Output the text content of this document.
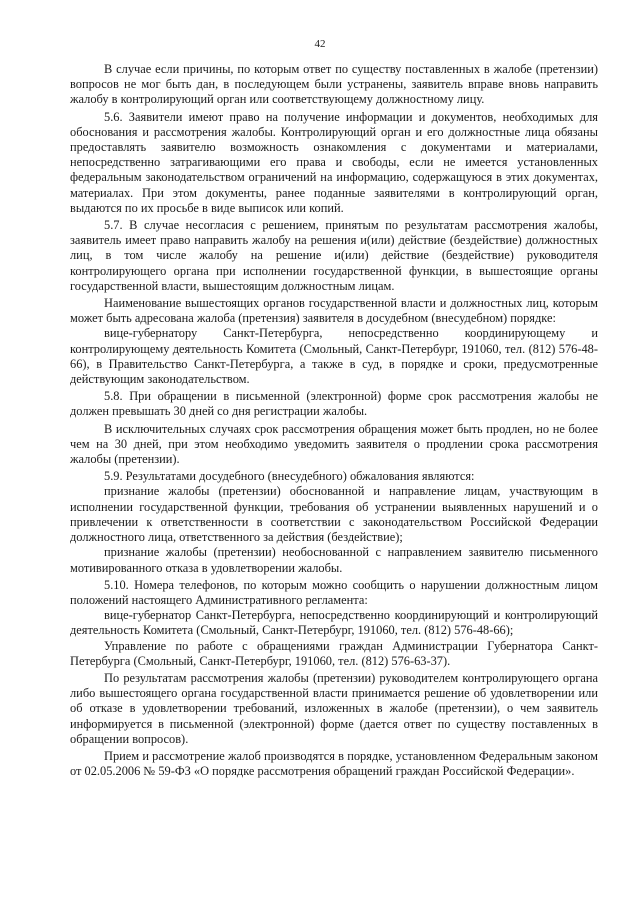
42

В случае если причины, по которым ответ по существу поставленных в жалобе (претензии) вопросов не мог быть дан, в последующем были устранены, заявитель вправе вновь направить жалобу в контролирующий орган или соответствующему должностному лицу.

5.6. Заявители имеют право на получение информации и документов, необходимых для обоснования и рассмотрения жалобы. Контролирующий орган и его должностные лица обязаны предоставлять заявителю возможность ознакомления с документами и материалами, непосредственно затрагивающими его права и свободы, если не имеется установленных федеральным законодательством ограничений на информацию, содержащуюся в этих документах, материалах. При этом документы, ранее поданные заявителями в контролирующий орган, выдаются по их просьбе в виде выписок или копий.

5.7. В случае несогласия с решением, принятым по результатам рассмотрения жалобы, заявитель имеет право направить жалобу на решения и(или) действие (бездействие) должностных лиц, в том числе жалобу на решение и(или) действие (бездействие) руководителя контролирующего органа при исполнении государственной функции, в вышестоящие органы государственной власти, вышестоящим должностным лицам.

Наименование вышестоящих органов государственной власти и должностных лиц, которым может быть адресована жалоба (претензия) заявителя в досудебном (внесудебном) порядке:

вице-губернатору Санкт-Петербурга, непосредственно координирующему и контролирующему деятельность Комитета (Смольный, Санкт-Петербург, 191060, тел. (812) 576-48-66), в Правительство Санкт-Петербурга, а также в суд, в порядке и сроки, предусмотренные действующим законодательством.

5.8. При обращении в письменной (электронной) форме срок рассмотрения жалобы не должен превышать 30 дней со дня регистрации жалобы.

В исключительных случаях срок рассмотрения обращения может быть продлен, но не более чем на 30 дней, при этом необходимо уведомить заявителя о продлении срока рассмотрения жалобы (претензии).

5.9. Результатами досудебного (внесудебного) обжалования являются:

признание жалобы (претензии) обоснованной и направление лицам, участвующим в исполнении государственной функции, требования об устранении выявленных нарушений и о привлечении к ответственности в соответствии с законодательством Российской Федерации должностного лица, ответственного за действия (бездействие);

признание жалобы (претензии) необоснованной с направлением заявителю письменного мотивированного отказа в удовлетворении жалобы.

5.10. Номера телефонов, по которым можно сообщить о нарушении должностным лицом положений настоящего Административного регламента:

вице-губернатор Санкт-Петербурга, непосредственно координирующий и контролирующий деятельность Комитета (Смольный, Санкт-Петербург, 191060, тел. (812) 576-48-66);

Управление по работе с обращениями граждан Администрации Губернатора Санкт-Петербурга (Смольный, Санкт-Петербург, 191060, тел. (812) 576-63-37).

По результатам рассмотрения жалобы (претензии) руководителем контролирующего органа либо вышестоящего органа государственной власти принимается решение об удовлетворении или об отказе в удовлетворении требований, изложенных в жалобе (претензии), о чем заявитель информируется в письменной (электронной) форме (дается ответ по существу поставленных в обращении вопросов).

Прием и рассмотрение жалоб производятся в порядке, установленном Федеральным законом от 02.05.2006 № 59-ФЗ «О порядке рассмотрения обращений граждан Российской Федерации».
